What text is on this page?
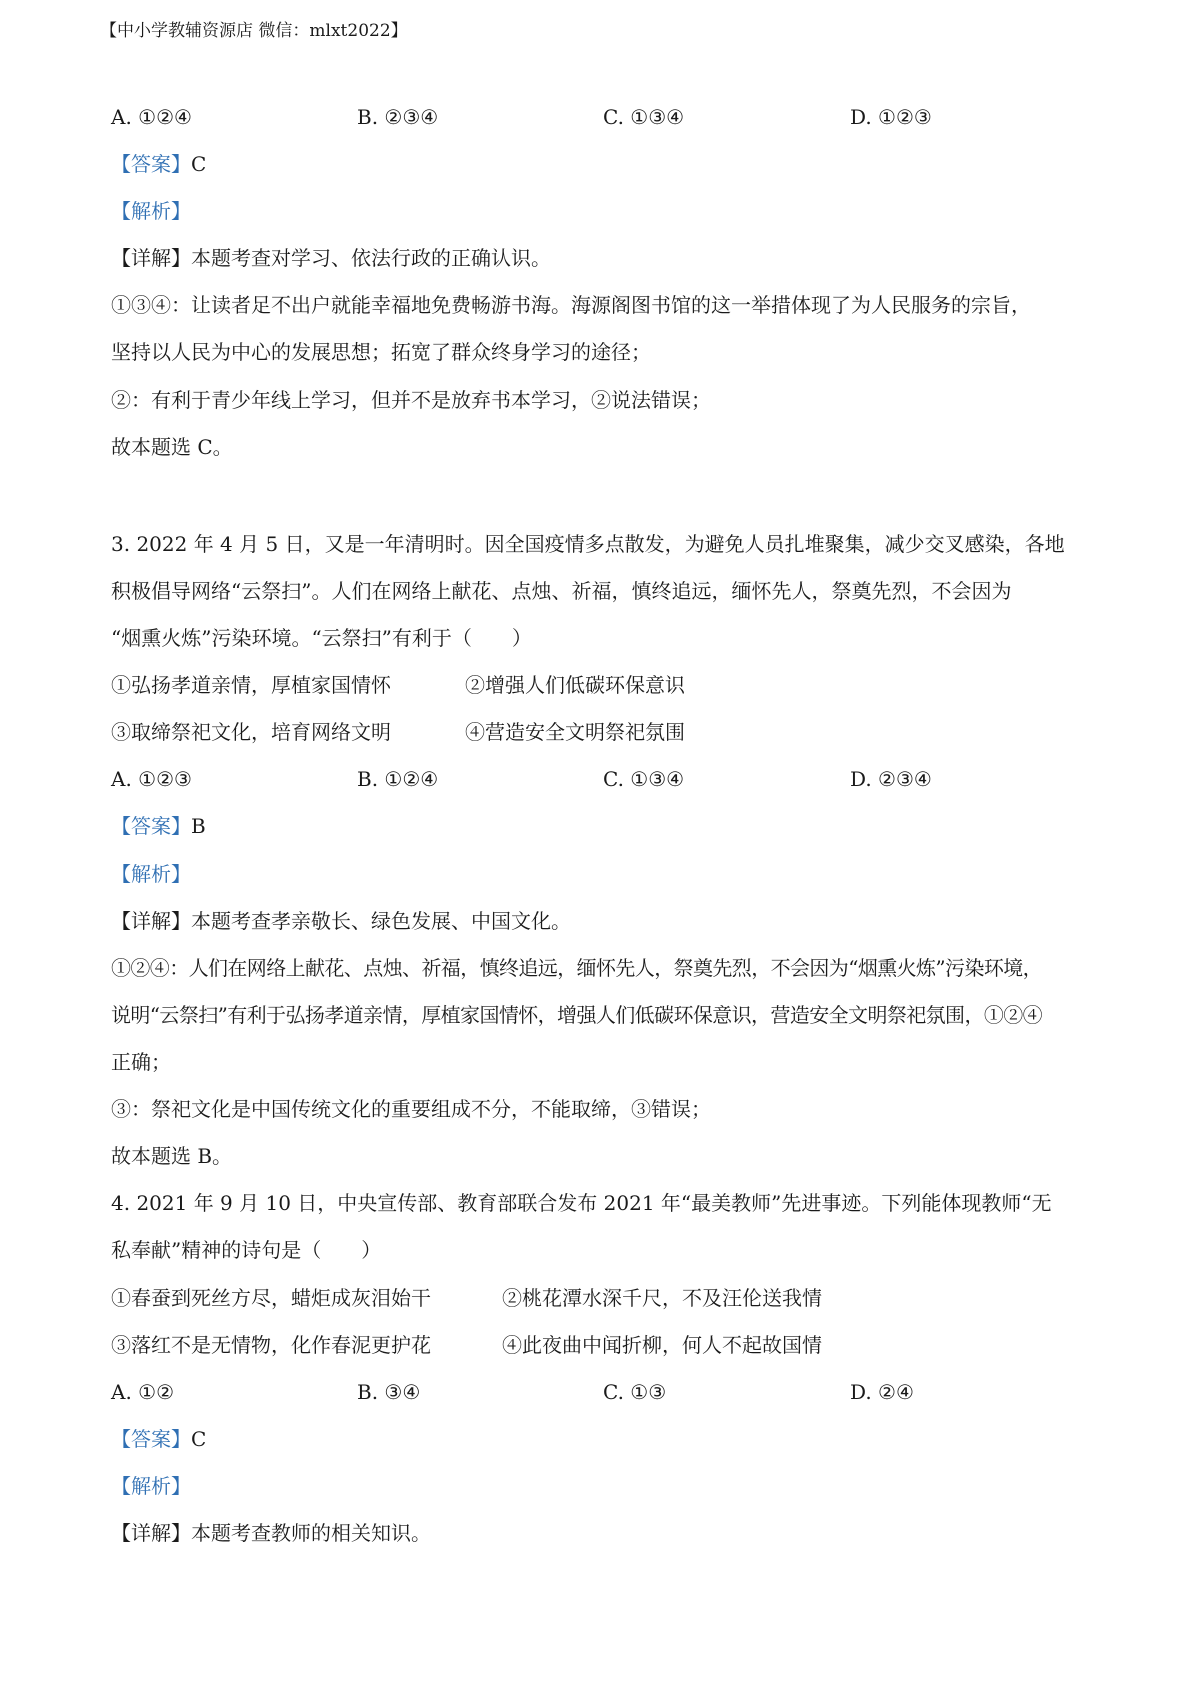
【中小学教辅资源店 微信：mlxt2022】
A. ①②④	B. ②③④	C. ①③④	D. ①②③
【答案】C
【解析】
【详解】本题考查对学习、依法行政的正确认识。
①③④：让读者足不出户就能幸福地免费畅游书海。海源阁图书馆的这一举措体现了为人民服务的宗旨，
坚持以人民为中心的发展思想；拓宽了群众终身学习的途径；
②：有利于青少年线上学习，但并不是放弃书本学习，②说法错误；
故本题选 C。
3. 2022 年 4 月 5 日，又是一年清明时。因全国疫情多点散发，为避免人员扎堆聚集，减少交叉感染，各地
积极倡导网络“云祭扫”。人们在网络上献花、点烛、祈福，慎终追远，缅怀先人，祭奠先烈，不会因为
“烟熏火炼”污染环境。“云祭扫”有利于（　　）
①弘扬孝道亲情，厚植家国情怀	②增强人们低碳环保意识
③取缔祭祀文化，培育网络文明	④营造安全文明祭祀氛围
A. ①②③	B. ①②④	C. ①③④	D. ②③④
【答案】B
【解析】
【详解】本题考查孝亲敬长、绿色发展、中国文化。
①②④：人们在网络上献花、点烛、祈福，慎终追远，缅怀先人，祭奠先烈，不会因为“烟熏火炼”污染环境，
说明“云祭扫”有利于弘扬孝道亲情，厚植家国情怀，增强人们低碳环保意识，营造安全文明祭祀氛围，①②④
正确；
③：祭祀文化是中国传统文化的重要组成不分，不能取缔，③错误；
故本题选 B。
4. 2021 年 9 月 10 日，中央宣传部、教育部联合发布 2021 年“最美教师”先进事迹。下列能体现教师“无
私奉献”精神的诗句是（　　）
①春蚕到死丝方尽，蜡炬成灰泪始干	②桃花潭水深千尺，不及汪伦送我情
③落红不是无情物，化作春泥更护花	④此夜曲中闻折柳，何人不起故国情
A. ①②	B. ③④	C. ①③	D. ②④
【答案】C
【解析】
【详解】本题考查教师的相关知识。
